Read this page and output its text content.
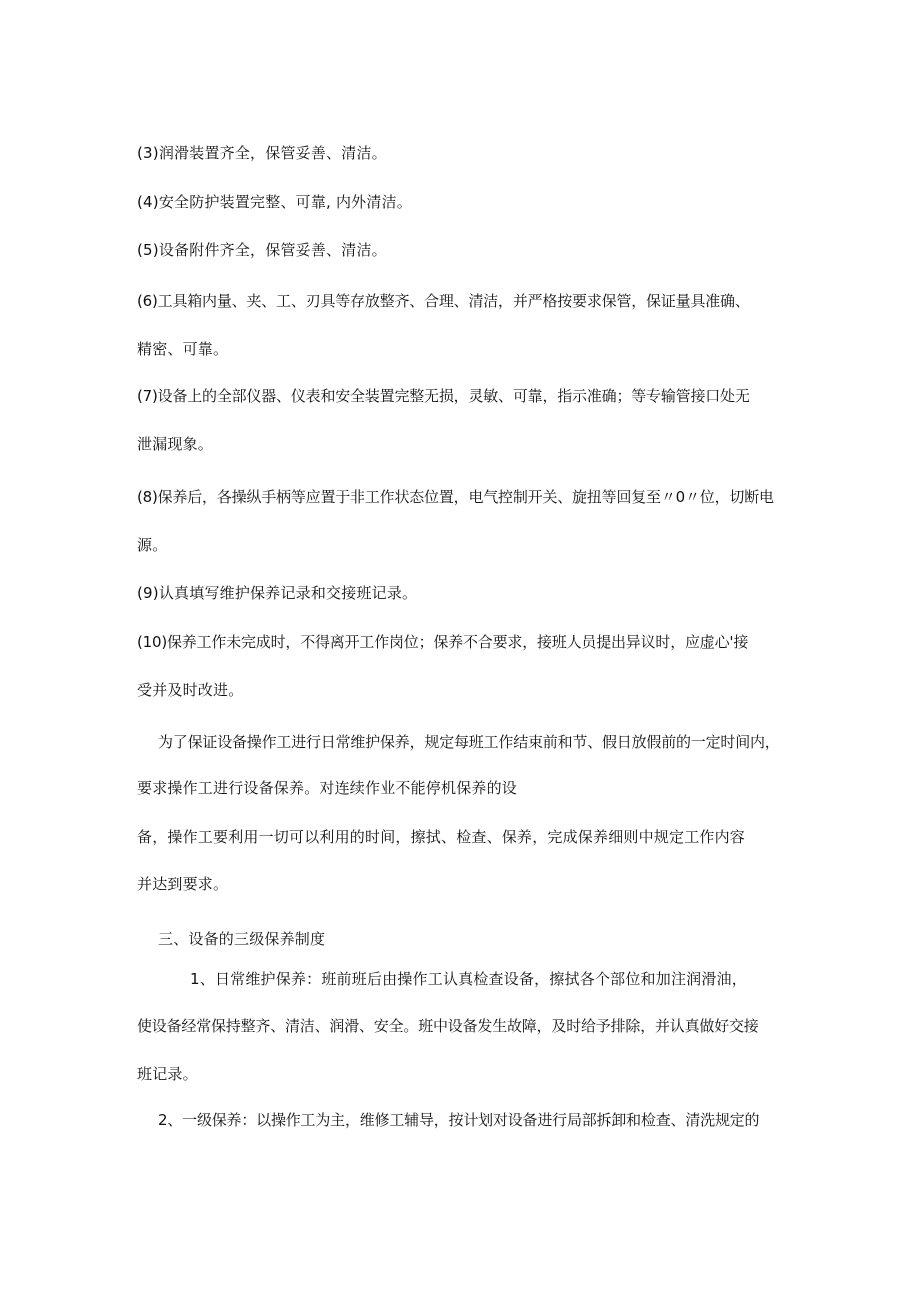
(3)润滑装置齐全，保管妥善、清洁。

(4)安全防护装置完整、可靠, 内外清洁。

(5)设备附件齐全，保管妥善、清洁。

(6)工具箱内量、夹、工、刃具等存放整齐、合理、清洁，并严格按要求保管，保证量具准确、

精密、可靠。

(7)设备上的全部仪器、仪表和安全装置完整无损，灵敏、可靠，指示准确；等专输管接口处无

泄漏现象。

(8)保养后，各操纵手柄等应置于非工作状态位置，电气控制开关、旋扭等回复至〃0〃位，切断电

源。

(9)认真填写维护保养记录和交接班记录。

(10)保养工作未完成时，不得离开工作岗位；保养不合要求，接班人员提出异议时，应虚心'接

受并及时改进。

为了保证设备操作工进行日常维护保养，规定每班工作结束前和节、假日放假前的一定时间内，

要求操作工进行设备保养。对连续作业不能停机保养的设

备，操作工要利用一切可以利用的时间，擦拭、检查、保养，完成保养细则中规定工作内容

并达到要求。

三、设备的三级保养制度

1、日常维护保养：班前班后由操作工认真检查设备，擦拭各个部位和加注润滑油，

使设备经常保持整齐、清洁、润滑、安全。班中设备发生故障，及时给予排除，并认真做好交接

班记录。

2、一级保养：以操作工为主，维修工辅导，按计划对设备进行局部拆卸和检查、清洗规定的
